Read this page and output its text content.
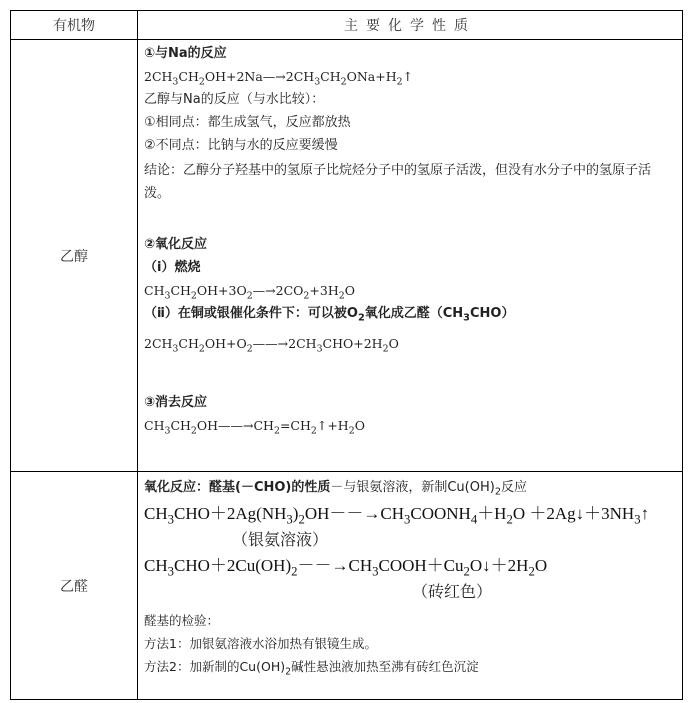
有机物	主要化学性质
乙醇
①与Na的反应
$2CH_3CH_2OH+2Na—\to 2CH_3CH_2ONa+H_2↑$
乙醇与Na的反应（与水比较）：
①相同点：都生成氢气，反应都放热
②不同点：比钠与水的反应要缓慢
结论：乙醇分子羟基中的氢原子比烷烃分子中的氢原子活泼，但没有水分子中的氢原子活泼。
②氧化反应
（ⅰ）燃烧
$CH_3CH_2OH+3O_2—\to 2CO_2+3H_2O$
（ⅱ）在铜或银催化条件下：可以被$O_2$氧化成乙醛$(CH_3CHO)$
$2CH_3CH_2OH+O_2——\to 2CH_3CHO+2H_2O$
③消去反应
$CH_3CH_2OH——\to CH_2=CH_2↑+H_2O$
乙醛
氧化反应：醛基(－CHO)的性质－与银氨溶液，新制$Cu(OH)_2$反应
$CH_3CHO+2Ag(NH_3)_2OH--\to CH_3COONH_4+H_2O$ $+2Ag↓+3NH_3↑$
（银氨溶液）
$CH_3CHO+2Cu(OH)_2--\to CH_3COOH+Cu_2O↓+2H_2O$
（砖红色）
醛基的检验：
方法1：加银氨溶液水浴加热有银镜生成。
方法2：加新制的$Cu(OH)_2$碱性悬浊液加热至沸有砖红色沉淀
